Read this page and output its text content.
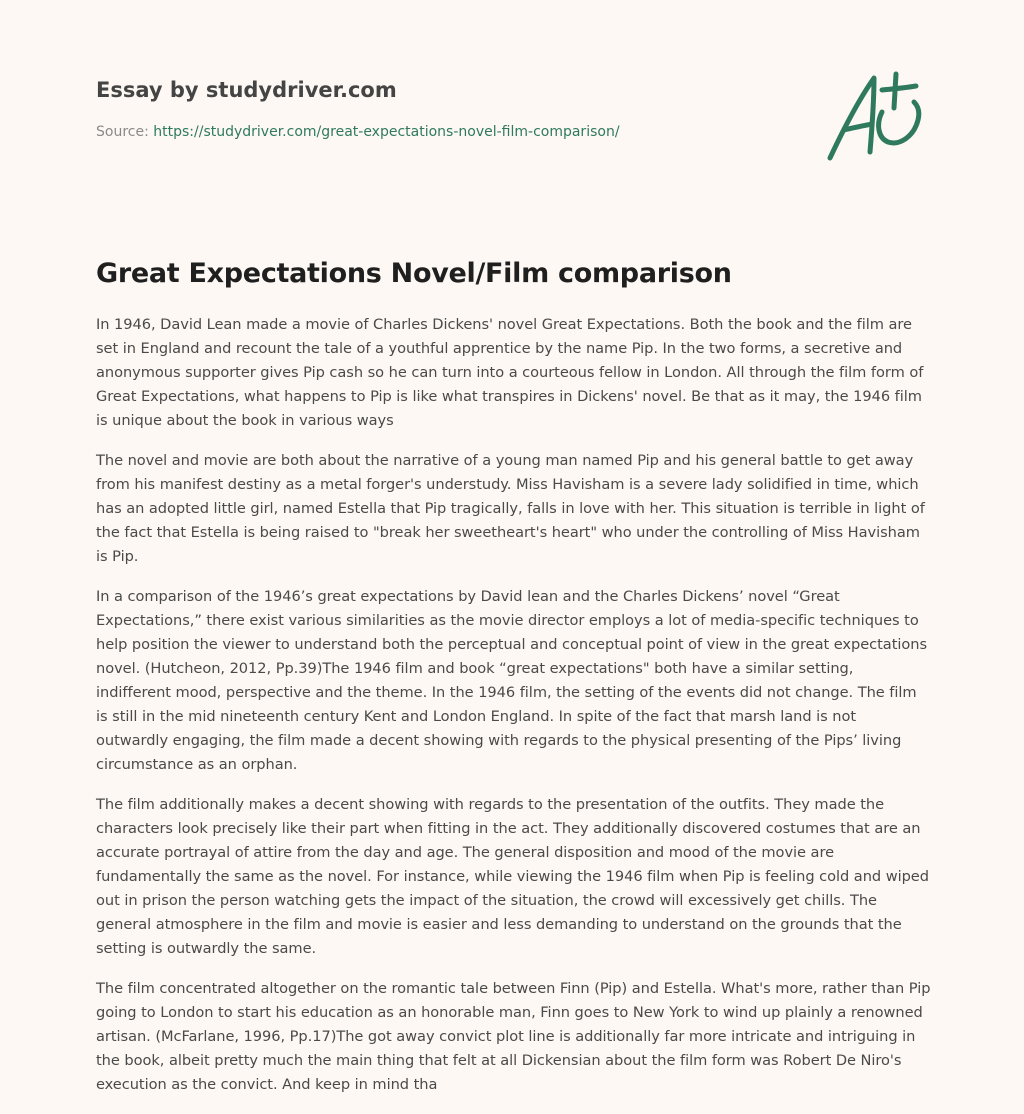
Essay by studydriver.com
Source: https://studydriver.com/great-expectations-novel-film-comparison/
Great Expectations Novel/Film comparison

In 1946, David Lean made a movie of Charles Dickens' novel Great Expectations. Both the book and the film are set in England and recount the tale of a youthful apprentice by the name Pip. In the two forms, a secretive and anonymous supporter gives Pip cash so he can turn into a courteous fellow in London. All through the film form of Great Expectations, what happens to Pip is like what transpires in Dickens' novel. Be that as it may, the 1946 film is unique about the book in various ways

The novel and movie are both about the narrative of a young man named Pip and his general battle to get away from his manifest destiny as a metal forger's understudy. Miss Havisham is a severe lady solidified in time, which has an adopted little girl, named Estella that Pip tragically, falls in love with her. This situation is terrible in light of the fact that Estella is being raised to "break her sweetheart's heart" who under the controlling of Miss Havisham is Pip.

In a comparison of the 1946’s great expectations by David lean and the Charles Dickens’ novel “Great Expectations,” there exist various similarities as the movie director employs a lot of media-specific techniques to help position the viewer to understand both the perceptual and conceptual point of view in the great expectations novel. (Hutcheon, 2012, Pp.39)The 1946 film and book “great expectations" both have a similar setting, indifferent mood, perspective and the theme. In the 1946 film, the setting of the events did not change. The film is still in the mid nineteenth century Kent and London England. In spite of the fact that marsh land is not outwardly engaging, the film made a decent showing with regards to the physical presenting of the Pips’ living circumstance as an orphan.

The film additionally makes a decent showing with regards to the presentation of the outfits. They made the characters look precisely like their part when fitting in the act. They additionally discovered costumes that are an accurate portrayal of attire from the day and age. The general disposition and mood of the movie are fundamentally the same as the novel. For instance, while viewing the 1946 film when Pip is feeling cold and wiped out in prison the person watching gets the impact of the situation, the crowd will excessively get chills. The general atmosphere in the film and movie is easier and less demanding to understand on the grounds that the setting is outwardly the same.

The film concentrated altogether on the romantic tale between Finn (Pip) and Estella. What's more, rather than Pip going to London to start his education as an honorable man, Finn goes to New York to wind up plainly a renowned artisan. (McFarlane, 1996, Pp.17)The got away convict plot line is additionally far more intricate and intriguing in the book, albeit pretty much the main thing that felt at all Dickensian about the film form was Robert De Niro's execution as the convict. And keep in mind tha
